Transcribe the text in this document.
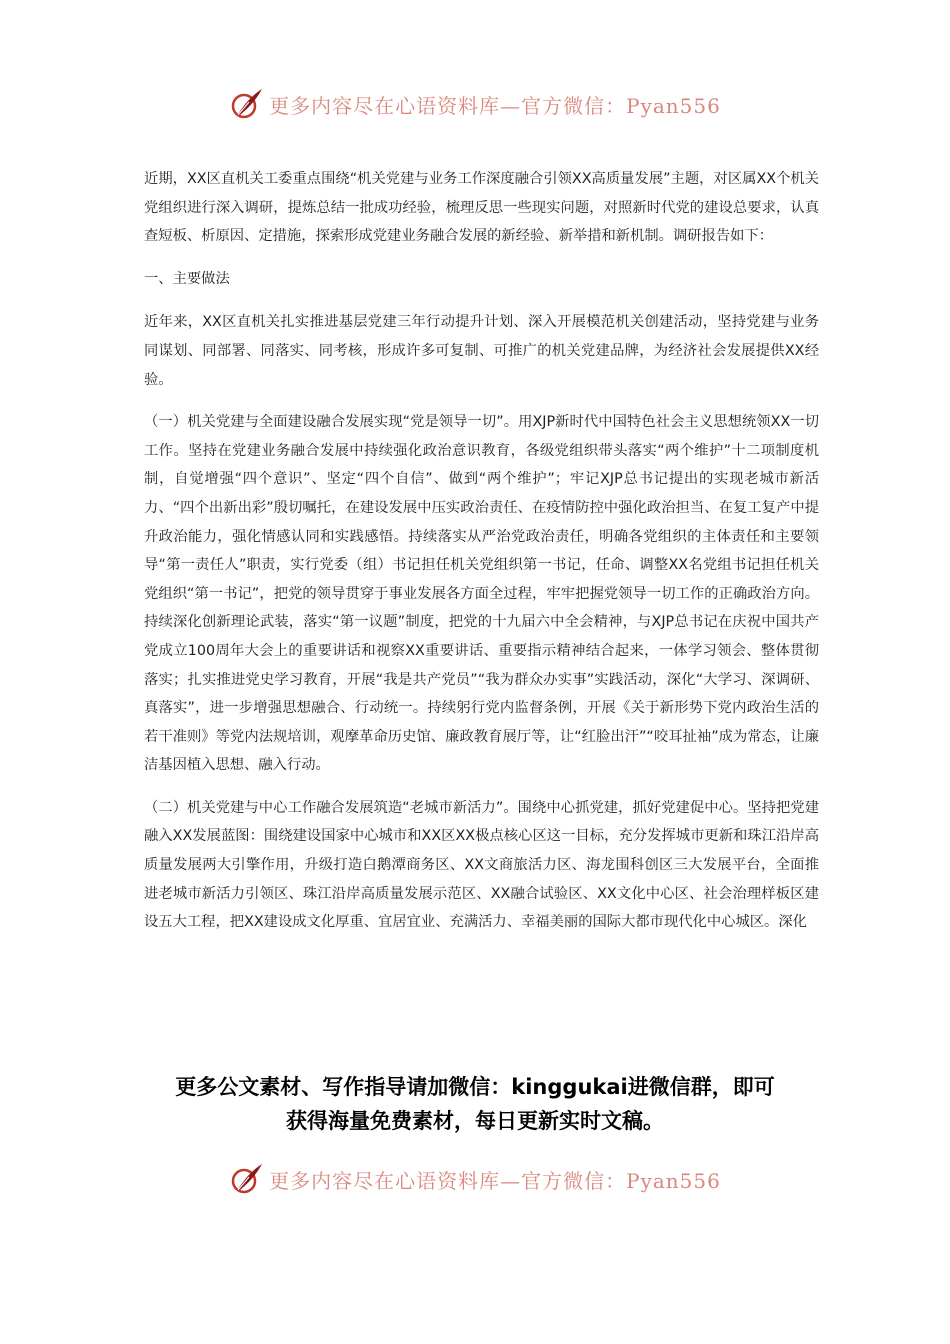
更多内容尽在心语资料库—官方微信：Pyan556

近期，XX区直机关工委重点围绕“机关党建与业务工作深度融合引领XX高质量发展”主题，对区属XX个机关党组织进行深入调研，提炼总结一批成功经验，梳理反思一些现实问题，对照新时代党的建设总要求，认真查短板、析原因、定措施，探索形成党建业务融合发展的新经验、新举措和新机制。调研报告如下：

一、主要做法

近年来，XX区直机关扎实推进基层党建三年行动提升计划、深入开展模范机关创建活动，坚持党建与业务同谋划、同部署、同落实、同考核，形成许多可复制、可推广的机关党建品牌，为经济社会发展提供XX经验。

（一）机关党建与全面建设融合发展实现“党是领导一切”。用XJP新时代中国特色社会主义思想统领XX一切工作。坚持在党建业务融合发展中持续强化政治意识教育，各级党组织带头落实“两个维护”十二项制度机制，自觉增强“四个意识”、坚定“四个自信”、做到“两个维护”；牢记XJP总书记提出的实现老城市新活力、“四个出新出彩”殷切嘱托，在建设发展中压实政治责任、在疫情防控中强化政治担当、在复工复产中提升政治能力，强化情感认同和实践感悟。持续落实从严治党政治责任，明确各党组织的主体责任和主要领导“第一责任人”职责，实行党委（组）书记担任机关党组织第一书记，任命、调整XX名党组书记担任机关党组织“第一书记”，把党的领导贯穿于事业发展各方面全过程，牢牢把握党领导一切工作的正确政治方向。持续深化创新理论武装，落实“第一议题”制度，把党的十九届六中全会精神，与XJP总书记在庆祝中国共产党成立100周年大会上的重要讲话和视察XX重要讲话、重要指示精神结合起来，一体学习领会、整体贯彻落实；扎实推进党史学习教育，开展“我是共产党员”“我为群众办实事”实践活动，深化“大学习、深调研、真落实”，进一步增强思想融合、行动统一。持续躬行党内监督条例，开展《关于新形势下党内政治生活的若干准则》等党内法规培训，观摩革命历史馆、廉政教育展厅等，让“红脸出汗”“咬耳扯袖”成为常态，让廉洁基因植入思想、融入行动。

（二）机关党建与中心工作融合发展筑造“老城市新活力”。围绕中心抓党建，抓好党建促中心。坚持把党建融入XX发展蓝图：围绕建设国家中心城市和XX区XX极点核心区这一目标，充分发挥城市更新和珠江沿岸高质量发展两大引擎作用，升级打造白鹅潭商务区、XX文商旅活力区、海龙围科创区三大发展平台，全面推进老城市新活力引领区、珠江沿岸高质量发展示范区、XX融合试验区、XX文化中心区、社会治理样板区建设五大工程，把XX建设成文化厚重、宜居宜业、充满活力、幸福美丽的国际大都市现代化中心城区。深化

更多公文素材、写作指导请加微信：kinggukai进微信群，即可
获得海量免费素材，每日更新实时文稿。
更多内容尽在心语资料库—官方微信：Pyan556
